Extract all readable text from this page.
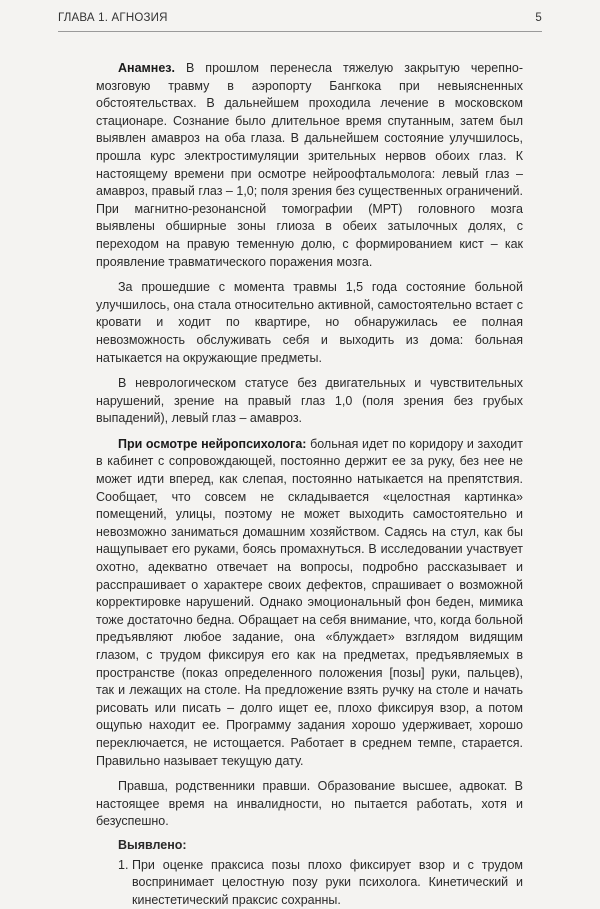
ГЛАВА 1. АГНОЗИЯ	5

Анамнез. В прошлом перенесла тяжелую закрытую черепно-мозговую травму в аэропорту Бангкока при невыясненных обстоятельствах. В дальнейшем проходила лечение в московском стационаре. Сознание было длительное время спутанным, затем был выявлен амавроз на оба глаза. В дальнейшем состояние улучшилось, прошла курс электростимуляции зрительных нервов обоих глаз. К настоящему времени при осмотре нейроофтальмолога: левый глаз – амавроз, правый глаз – 1,0; поля зрения без существенных ограничений. При магнитно-резонансной томографии (МРТ) головного мозга выявлены обширные зоны глиоза в обеих затылочных долях, с переходом на правую теменную долю, с формированием кист – как проявление травматического поражения мозга.

За прошедшие с момента травмы 1,5 года состояние больной улучшилось, она стала относительно активной, самостоятельно встает с кровати и ходит по квартире, но обнаружилась ее полная невозможность обслуживать себя и выходить из дома: больная натыкается на окружающие предметы.

В неврологическом статусе без двигательных и чувствительных нарушений, зрение на правый глаз 1,0 (поля зрения без грубых выпадений), левый глаз – амавроз.

При осмотре нейропсихолога: больная идет по коридору и заходит в кабинет с сопровождающей, постоянно держит ее за руку, без нее не может идти вперед, как слепая, постоянно натыкается на препятствия. Сообщает, что совсем не складывается «целостная картинка» помещений, улицы, поэтому не может выходить самостоятельно и невозможно заниматься домашним хозяйством. Садясь на стул, как бы нащупывает его руками, боясь промахнуться. В исследовании участвует охотно, адекватно отвечает на вопросы, подробно рассказывает и расспрашивает о характере своих дефектов, спрашивает о возможной корректировке нарушений. Однако эмоциональный фон беден, мимика тоже достаточно бедна. Обращает на себя внимание, что, когда больной предъявляют любое задание, она «блуждает» взглядом видящим глазом, с трудом фиксируя его как на предметах, предъявляемых в пространстве (показ определенного положения [позы] руки, пальцев), так и лежащих на столе. На предложение взять ручку на столе и начать рисовать или писать – долго ищет ее, плохо фиксируя взор, а потом ощупью находит ее. Программу задания хорошо удерживает, хорошо переключается, не истощается. Работает в среднем темпе, старается. Правильно называет текущую дату.

Правша, родственники правши. Образование высшее, адвокат. В настоящее время на инвалидности, но пытается работать, хотя и безуспешно.

Выявлено:
1. При оценке праксиса позы плохо фиксирует взор и с трудом воспринимает целостную позу руки психолога. Кинетический и кинестетический праксис сохранны.
